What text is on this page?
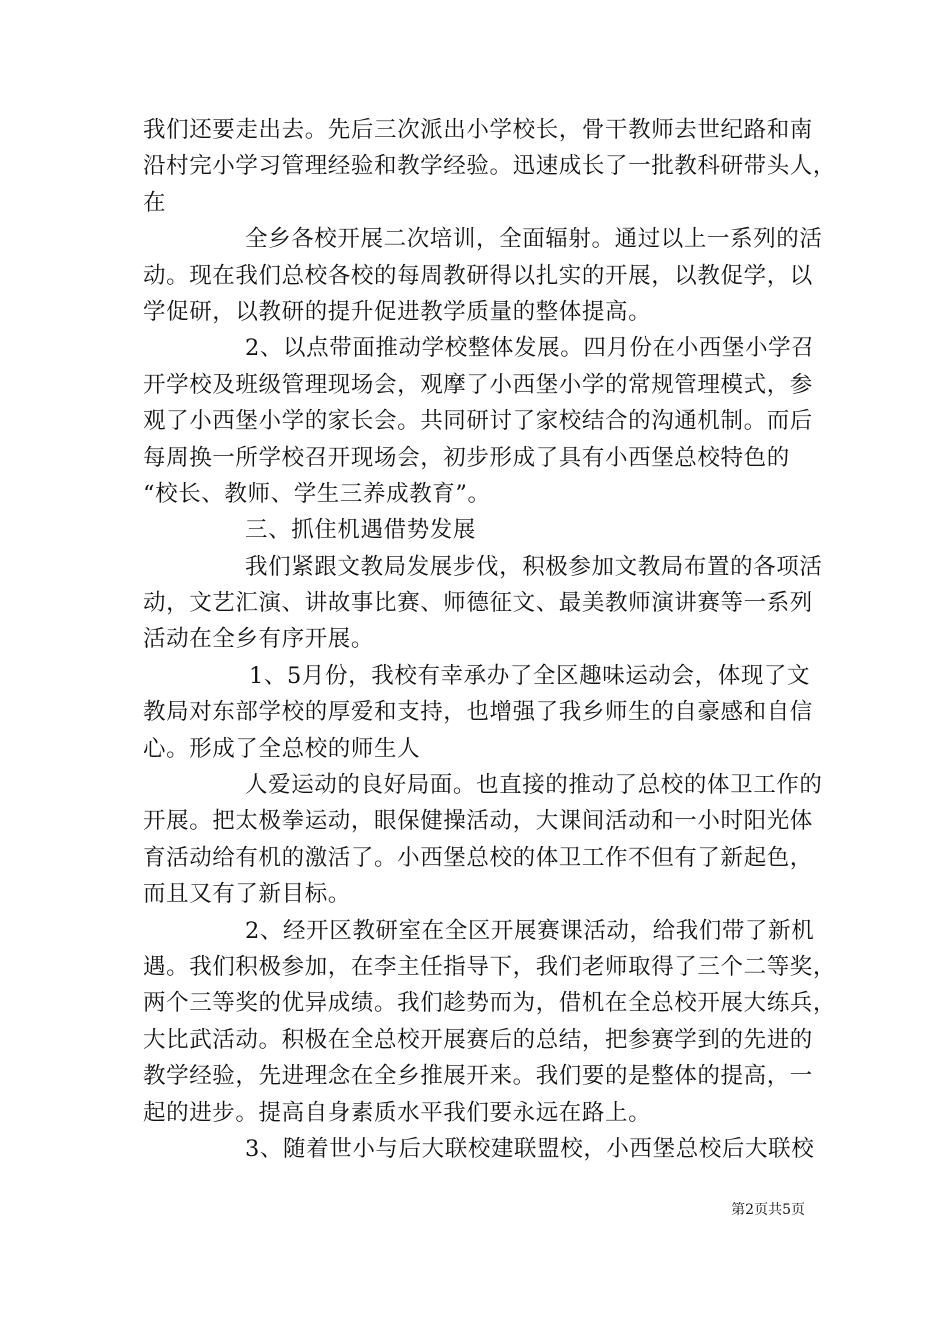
我们还要走出去。先后三次派出小学校长，骨干教师去世纪路和南
沿村完小学习管理经验和教学经验。迅速成长了一批教科研带头人，
在
全乡各校开展二次培训，全面辐射。通过以上一系列的活
动。现在我们总校各校的每周教研得以扎实的开展，以教促学，以
学促研，以教研的提升促进教学质量的整体提高。
2、以点带面推动学校整体发展。四月份在小西堡小学召
开学校及班级管理现场会，观摩了小西堡小学的常规管理模式，参
观了小西堡小学的家长会。共同研讨了家校结合的沟通机制。而后
每周换一所学校召开现场会，初步形成了具有小西堡总校特色的
“校长、教师、学生三养成教育”。
三、抓住机遇借势发展
我们紧跟文教局发展步伐，积极参加文教局布置的各项活
动，文艺汇演、讲故事比赛、师德征文、最美教师演讲赛等一系列
活动在全乡有序开展。
1、5月份，我校有幸承办了全区趣味运动会，体现了文
教局对东部学校的厚爱和支持，也增强了我乡师生的自豪感和自信
心。形成了全总校的师生人
人爱运动的良好局面。也直接的推动了总校的体卫工作的
开展。把太极拳运动，眼保健操活动，大课间活动和一小时阳光体
育活动给有机的激活了。小西堡总校的体卫工作不但有了新起色，
而且又有了新目标。
2、经开区教研室在全区开展赛课活动，给我们带了新机
遇。我们积极参加，在李主任指导下，我们老师取得了三个二等奖，
两个三等奖的优异成绩。我们趁势而为，借机在全总校开展大练兵，
大比武活动。积极在全总校开展赛后的总结，把参赛学到的先进的
教学经验，先进理念在全乡推展开来。我们要的是整体的提高，一
起的进步。提高自身素质水平我们要永远在路上。
3、随着世小与后大联校建联盟校，小西堡总校后大联校
第2页共5页
